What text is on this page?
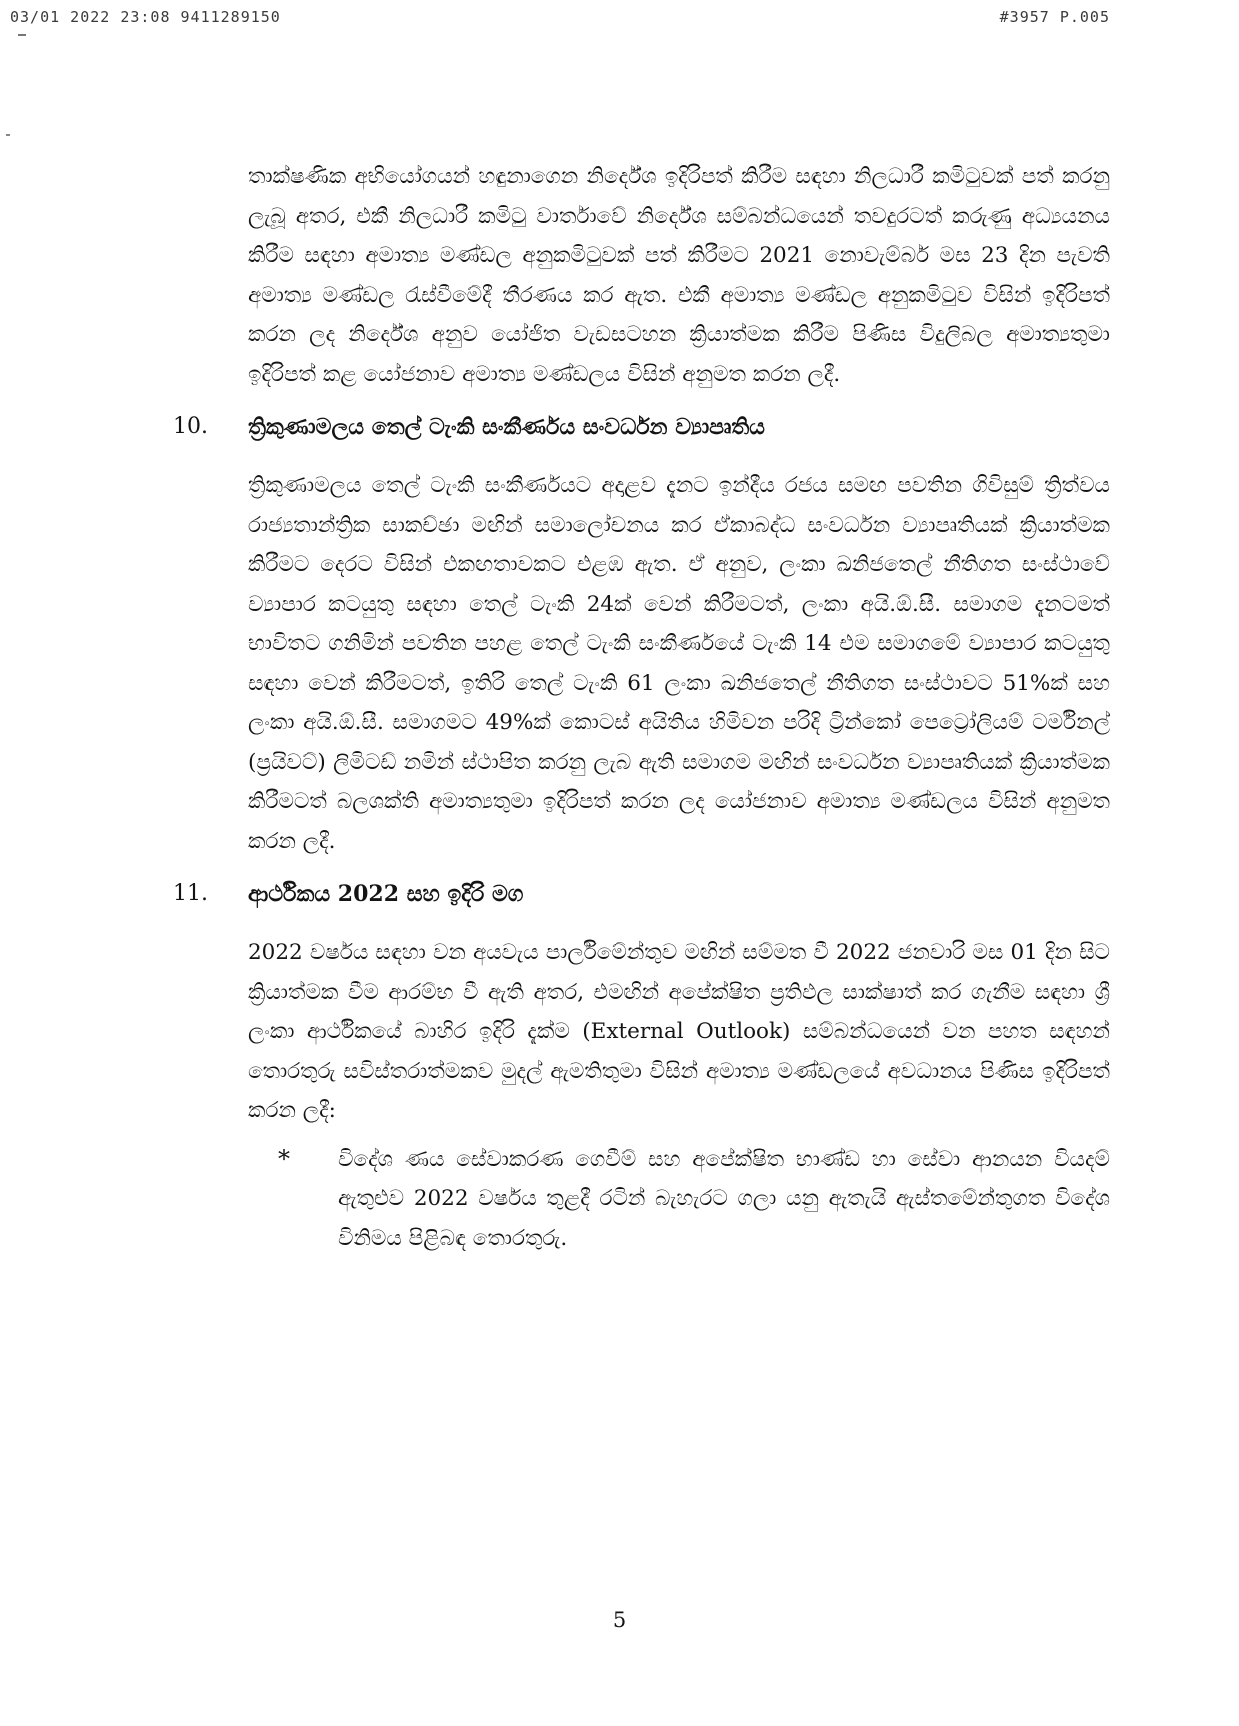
03/01 2022 23:08 9411289150	#3957 P.005

තාක්ෂණික අභියෝගයන් හඳුනාගෙන නිර්දේශ ඉදිරිපත් කිරීම සඳහා නිලධාරී කමිටුවක් පත් කරනු ලැබූ අතර, එකී නිලධාරී කමිටු වාර්තාවේ නිර්දේශ සම්බන්ධයෙන් තවදුරටත් කරුණු අධ්‍යයනය කිරීම සඳහා අමාත්‍ය මණ්ඩල අනුකමිටුවක් පත් කිරීමට 2021 නොවැම්බර් මස 23 දින පැවති අමාත්‍ය මණ්ඩල රැස්වීමේදී තීරණය කර ඇත. එකී අමාත්‍ය මණ්ඩල අනුකමිටුව විසින් ඉදිරිපත් කරන ලද නිර්දේශ අනුව යෝජිත වැඩසටහන ක්‍රියාත්මක කිරීම පිණිස විදුලිබල අමාත්‍යතුමා ඉදිරිපත් කළ යෝජනාව අමාත්‍ය මණ්ඩලය විසින් අනුමත කරන ලදී.

10. ත්‍රිකුණාමලය තෙල් ටැංකි සංකීර්ණය සංවර්ධන ව්‍යාපෘතිය

ත්‍රිකුණාමලය තෙල් ටැංකි සංකීර්ණයට අදාළව දැනට ඉන්දීය රජය සමඟ පවතින ගිවිසුම් ත්‍රිත්වය රාජ්‍යතාන්ත්‍රික සාකච්ඡා මඟින් සමාලෝචනය කර ඒකාබද්ධ සංවර්ධන ව්‍යාපෘතියක් ක්‍රියාත්මක කිරීමට දෙරට විසින් එකඟතාවකට එළඹ ඇත. ඒ අනුව, ලංකා ඛනිජතෙල් නීතිගත සංස්ථාවේ ව්‍යාපාර කටයුතු සඳහා තෙල් ටැංකි 24ක් වෙන් කිරීමටත්, ලංකා අයි.ඕ.සී. සමාගම දැනටමත් භාවිතට ගනිමින් පවතින පහළ තෙල් ටැංකි සංකීර්ණයේ ටැංකි 14 එම සමාගමේ ව්‍යාපාර කටයුතු සඳහා වෙන් කිරීමටත්, ඉතිරි තෙල් ටැංකි 61 ලංකා ඛනිජතෙල් නීතිගත සංස්ථාවට 51%ක් සහ ලංකා අයි.ඕ.සී. සමාගමට 49%ක් කොටස් අයිතිය හිමිවන පරිදි ට්‍රින්කෝ පෙට්‍රෝලියම් ටර්මිනල් (ප්‍රයිවට්) ලිමිටඩ් නමින් ස්ථාපිත කරනු ලැබ ඇති සමාගම මඟින් සංවර්ධන ව්‍යාපෘතියක් ක්‍රියාත්මක කිරීමටත් බලශක්ති අමාත්‍යතුමා ඉදිරිපත් කරන ලද යෝජනාව අමාත්‍ය මණ්ඩලය විසින් අනුමත කරන ලදී.

11. ආර්ථිකය 2022 සහ ඉදිරි මග

2022 වර්ෂය සඳහා වන අයවැය පාර්ලිමේන්තුව මඟින් සම්මත වී 2022 ජනවාරි මස 01 දින සිට ක්‍රියාත්මක වීම ආරම්භ වී ඇති අතර, එමඟින් අපේක්ෂිත ප්‍රතිඵල සාක්ෂාත් කර ගැනීම සඳහා ශ්‍රී ලංකා ආර්ථිකයේ බාහිර ඉදිරි දැක්ම (External Outlook) සම්බන්ධයෙන් වන පහත සඳහන් තොරතුරු සවිස්තරාත්මකව මුදල් ඇමතිතුමා විසින් අමාත්‍ය මණ්ඩලයේ අවධානය පිණිස ඉදිරිපත් කරන ලදී:

* විදේශ ණය සේවාකරණ ගෙවීම් සහ අපේක්ෂිත භාණ්ඩ හා සේවා ආනයන වියදම් ඇතුළුව 2022 වර්ෂය තුළදී රටින් බැහැරට ගලා යනු ඇතැයි ඇස්තමේන්තුගත විදේශ විනිමය පිළිබඳ තොරතුරු.

5
